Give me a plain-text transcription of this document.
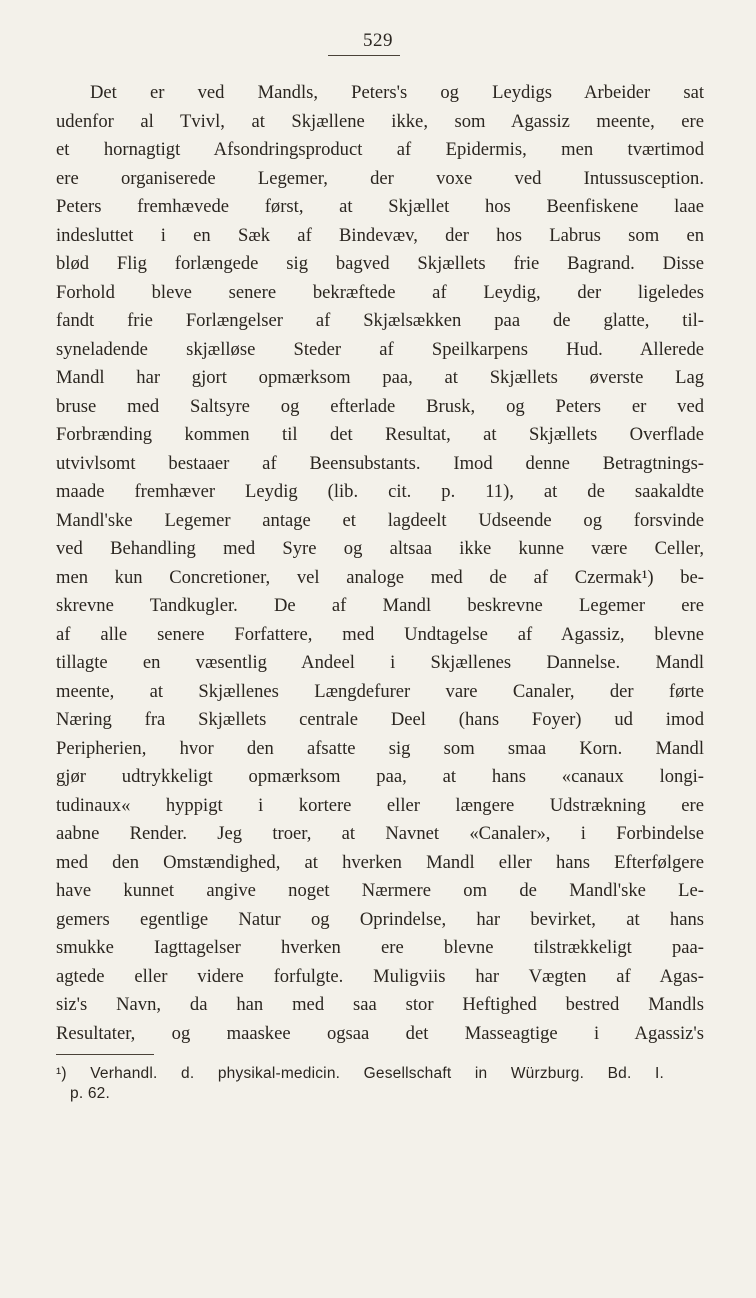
529
Det er ved Mandls, Peters's og Leydigs Arbeider sat
udenfor al Tvivl, at Skjællene ikke, som Agassiz meente, ere
et hornagtigt Afsondringsproduct af Epidermis, men tværtimod
ere organiserede Legemer, der voxe ved Intussusception.
Peters fremhævede først, at Skjællet hos Beenfiskene laae
indesluttet i en Sæk af Bindevæv, der hos Labrus som en
blød Flig forlængede sig bagved Skjællets frie Bagrand. Disse
Forhold bleve senere bekræftede af Leydig, der ligeledes
fandt frie Forlængelser af Skjælsækken paa de glatte, til-
syneladende skjælløse Steder af Speilkarpens Hud. Allerede
Mandl har gjort opmærksom paa, at Skjællets øverste Lag
bruse med Saltsyre og efterlade Brusk, og Peters er ved
Forbrænding kommen til det Resultat, at Skjællets Overflade
utvivlsomt bestaaer af Beensubstants. Imod denne Betragtnings-
maade fremhæver Leydig (lib. cit. p. 11), at de saakaldte
Mandl'ske Legemer antage et lagdeelt Udseende og forsvinde
ved Behandling med Syre og altsaa ikke kunne være Celler,
men kun Concretioner, vel analoge med de af Czermak¹) be-
skrevne Tandkugler. De af Mandl beskrevne Legemer ere
af alle senere Forfattere, med Undtagelse af Agassiz, blevne
tillagte en væsentlig Andeel i Skjællenes Dannelse. Mandl
meente, at Skjællenes Længdefurer vare Canaler, der førte
Næring fra Skjællets centrale Deel (hans Foyer) ud imod
Peripherien, hvor den afsatte sig som smaa Korn. Mandl
gjør udtrykkeligt opmærksom paa, at hans «canaux longi-
tudinaux« hyppigt i kortere eller længere Udstrækning ere
aabne Render. Jeg troer, at Navnet «Canaler», i Forbindelse
med den Omstændighed, at hverken Mandl eller hans Efterfølgere
have kunnet angive noget Nærmere om de Mandl'ske Le-
gemers egentlige Natur og Oprindelse, har bevirket, at hans
smukke Iagttagelser hverken ere blevne tilstrækkeligt paa-
agtede eller videre forfulgte. Muligviis har Vægten af Agas-
siz's Navn, da han med saa stor Heftighed bestred Mandls
Resultater, og maaskee ogsaa det Masseagtige i Agassiz's
¹) Verhandl. d. physikal-medicin. Gesellschaft in Würzburg. Bd. I.
p. 62.
